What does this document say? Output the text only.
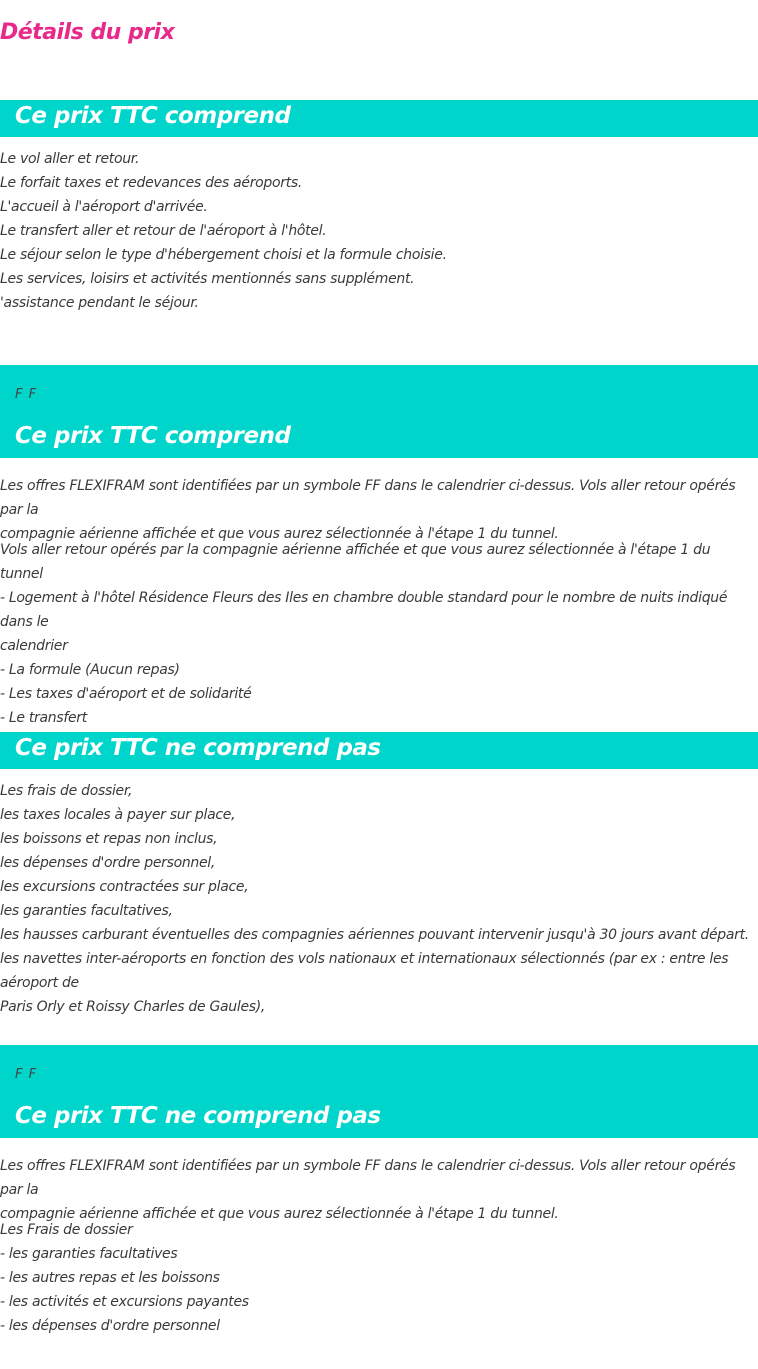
Détails du prix
Ce prix TTC comprend
Le vol aller et retour.
Le forfait taxes et redevances des aéroports.
L'accueil à l'aéroport d'arrivée.
Le transfert aller et retour de l'aéroport à l'hôtel.
Le séjour selon le type d'hébergement choisi et la formule choisie.
Les services, loisirs et activités mentionnés sans supplément.
'assistance pendant le séjour.
F F
Ce prix TTC comprend
Les offres FLEXIFRAM sont identifiées par un symbole FF dans le calendrier ci-dessus. Vols aller retour opérés par la
compagnie aérienne affichée et que vous aurez sélectionnée à l'étape 1 du tunnel.
Vols aller retour opérés par la compagnie aérienne affichée et que vous aurez sélectionnée à l'étape 1 du tunnel
- Logement à l'hôtel Résidence Fleurs des Iles en chambre double standard pour le nombre de nuits indiqué dans le
calendrier
- La formule (Aucun repas)
- Les taxes d'aéroport et de solidarité
- Le transfert
Ce prix TTC ne comprend pas
Les frais de dossier,
les taxes locales à payer sur place,
les boissons et repas non inclus,
les dépenses d'ordre personnel,
les excursions contractées sur place,
les garanties facultatives,
les hausses carburant éventuelles des compagnies aériennes pouvant intervenir jusqu'à 30 jours avant départ.
les navettes inter-aéroports en fonction des vols nationaux et internationaux sélectionnés (par ex : entre les aéroport de
Paris Orly et Roissy Charles de Gaules),
F F
Ce prix TTC ne comprend pas
Les offres FLEXIFRAM sont identifiées par un symbole FF dans le calendrier ci-dessus. Vols aller retour opérés par la
compagnie aérienne affichée et que vous aurez sélectionnée à l'étape 1 du tunnel.
Les Frais de dossier
- les garanties facultatives
- les autres repas et les boissons
- les activités et excursions payantes
- les dépenses d'ordre personnel
